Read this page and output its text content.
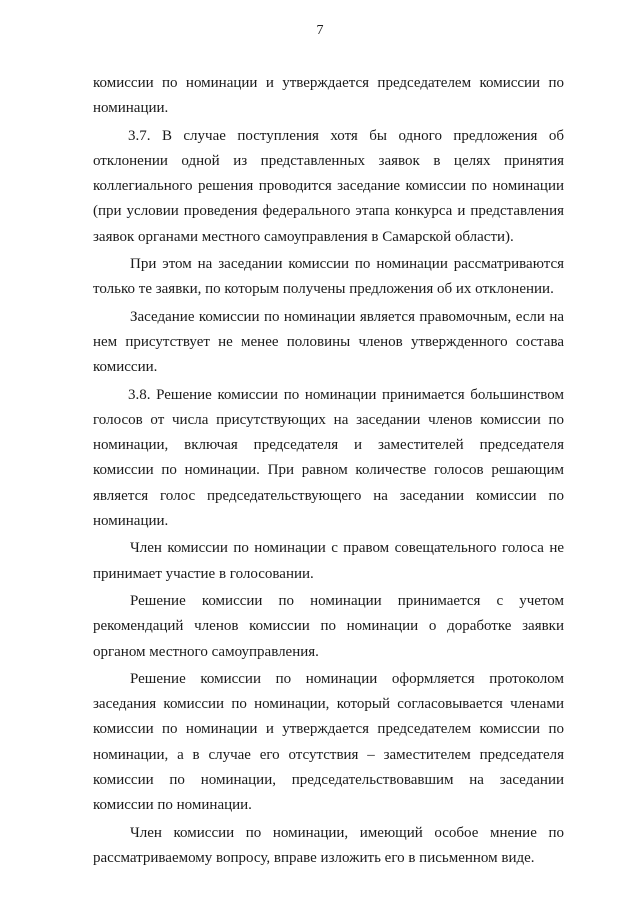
7

комиссии по номинации и утверждается председателем комиссии по номинации.

3.7. В случае поступления хотя бы одного предложения об отклонении одной из представленных заявок в целях принятия коллегиального решения проводится заседание комиссии по номинации (при условии проведения федерального этапа конкурса и представления заявок органами местного самоуправления в Самарской области).

При этом на заседании комиссии по номинации рассматриваются только те заявки, по которым получены предложения об их отклонении.

Заседание комиссии по номинации является правомочным, если на нем присутствует не менее половины членов утвержденного состава комиссии.

3.8. Решение комиссии по номинации принимается большинством голосов от числа присутствующих на заседании членов комиссии по номинации, включая председателя и заместителей председателя комиссии по номинации. При равном количестве голосов решающим является голос председательствующего на заседании комиссии по номинации.

Член комиссии по номинации с правом совещательного голоса не принимает участие в голосовании.

Решение комиссии по номинации принимается с учетом рекомендаций членов комиссии по номинации о доработке заявки органом местного самоуправления.

Решение комиссии по номинации оформляется протоколом заседания комиссии по номинации, который согласовывается членами комиссии по номинации и утверждается председателем комиссии по номинации, а в случае его отсутствия – заместителем председателя комиссии по номинации, председательствовавшим на заседании комиссии по номинации.

Член комиссии по номинации, имеющий особое мнение по рассматриваемому вопросу, вправе изложить его в письменном виде.
